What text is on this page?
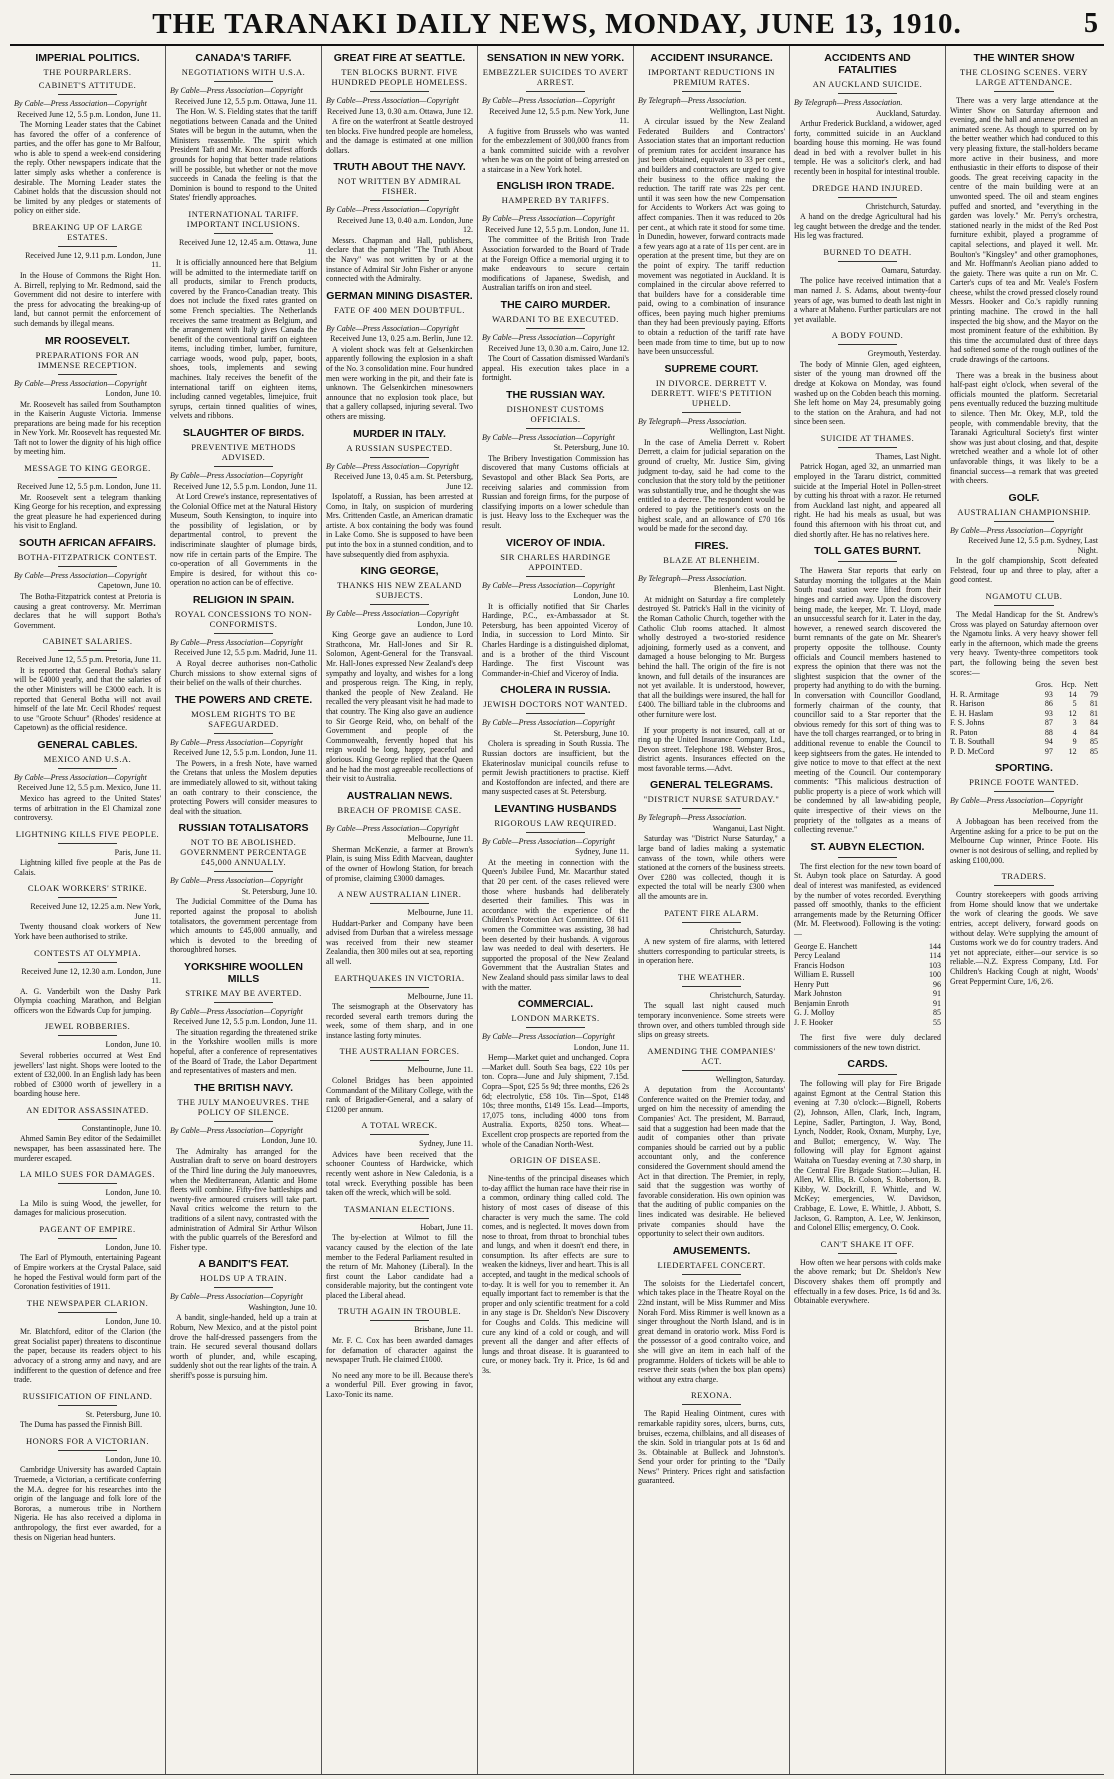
THE TARANAKI DAILY NEWS, MONDAY, JUNE 13, 1910.	5
IMPERIAL POLITICS.
THE POURPARLERS.
CABINET'S ATTITUDE.
By Cable—Press Association—Copyright
Received June 12, 5.5 p.m. London, June 11.
The Morning Leader states that the Cabinet has favored the offer of a conference of parties, and the offer has gone to Mr Balfour, who is able to spend a week-end considering the reply. Other newspapers indicate that the latter simply asks whether a conference is desirable. The Morning Leader states the Cabinet holds that the discussion should not be limited by any pledges or statements of policy on either side.
BREAKING UP OF LARGE ESTATES.
Received June 12, 9.11 p.m. London, June 11.
In the House of Commons the Right Hon. A. Birrell, replying to Mr. Redmond, said the Government did not desire to interfere with the press for advocating the breaking-up of land, but cannot permit the enforcement of such demands by illegal means.
MR ROOSEVELT.
PREPARATIONS FOR AN IMMENSE RECEPTION.
By Cable—Press Association—Copyright
London, June 10.
Mr. Roosevelt has sailed from Southampton in the Kaiserin Auguste Victoria. Immense preparations are being made for his reception in New York. Mr. Roosevelt has requested Mr. Taft not to lower the dignity of his high office by meeting him.
MESSAGE TO KING GEORGE.
Received June 12, 5.5 p.m. London, June 11.
Mr. Roosevelt sent a telegram thanking King George for his reception, and expressing the great pleasure he had experienced during his visit to England.
SOUTH AFRICAN AFFAIRS.
BOTHA-FITZPATRICK CONTEST.
By Cable—Press Association—Copyright
Capetown, June 10.
The Botha-Fitzpatrick contest at Pretoria is causing a great controversy. Mr. Merriman declares that he will support Botha's Government.
CABINET SALARIES.
Received June 12, 5.5 p.m. Pretoria, June 11.
It is reported that General Botha's salary will be £4000 yearly, and that the salaries of the other Ministers will be £3000 each. It is reported that General Botha will not avail himself of the late Mr. Cecil Rhodes' request to use "Groote Schuur" (Rhodes' residence at Capetown) as the official residence.
GENERAL CABLES.
MEXICO AND U.S.A.
By Cable—Press Association—Copyright
Received June 12, 5.5 p.m. Mexico, June 11.
Mexico has agreed to the United States' terms of arbitration in the El Chamizal zone controversy.
LIGHTNING KILLS FIVE PEOPLE.
Paris, June 11.
Lightning killed five people at the Pas de Calais.
CLOAK WORKERS' STRIKE.
Received June 12, 12.25 a.m. New York, June 11.
Twenty thousand cloak workers of New York have been authorised to strike.
CONTESTS AT OLYMPIA.
Received June 12, 12.30 a.m. London, June 11.
A. G. Vanderbilt won the Dashy Park Olympia coaching Marathon, and Belgian officers won the Edwards Cup for jumping.
JEWEL ROBBERIES.
London, June 10.
Several robberies occurred at West End jewellers' last night. Shops were looted to the extent of £32,000. In an English lady has been robbed of £3000 worth of jewellery in a boarding house here.
AN EDITOR ASSASSINATED.
Constantinople, June 10.
Ahmed Samin Bey editor of the Sedaimillet newspaper, has been assassinated here. The murderer escaped.
LA MILO SUES FOR DAMAGES.
London, June 10.
La Milo is suing Wood, the jeweller, for damages for malicious prosecution.
PAGEANT OF EMPIRE.
London, June 10.
The Earl of Plymouth, entertaining Pageant of Empire workers at the Crystal Palace, said he hoped the Festival would form part of the Coronation festivities of 1911.
THE NEWSPAPER CLARION.
London, June 10.
Mr. Blatchford, editor of the Clarion (the great Socialist paper) threatens to discontinue the paper, because its readers object to his advocacy of a strong army and navy, and are indifferent to the question of defence and free trade.
RUSSIFICATION OF FINLAND.
St. Petersburg, June 10.
The Duma has passed the Finnish Bill.
HONORS FOR A VICTORIAN.
London, June 10.
Cambridge University has awarded Captain Truemede, a Victorian, a certificate conferring the M.A. degree for his researches into the origin of the language and folk lore of the Bororas, a numerous tribe in Northern Nigeria. He has also received a diploma in anthropology, the first ever awarded, for a thesis on Nigerian head hunters.
CANADA'S TARIFF.
NEGOTIATIONS WITH U.S.A.
By Cable—Press Association—Copyright
Received June 12, 5.5 p.m. Ottawa, June 11.
The Hon. W. S. Fielding states that the tariff negotiations between Canada and the United States will be begun in the autumn, when the Ministers reassemble. The spirit which President Taft and Mr. Knox manifest affords grounds for hoping that better trade relations will be possible, but whether or not the move succeeds in Canada the feeling is that the Dominion is bound to respond to the United States' friendly approaches.
INTERNATIONAL TARIFF. IMPORTANT INCLUSIONS.
Received June 12, 12.45 a.m. Ottawa, June 11.
It is officially announced here that Belgium will be admitted to the intermediate tariff on all products, similar to French products, covered by the Franco-Canadian treaty. This does not include the fixed rates granted on some French specialties. The Netherlands receives the same treatment as Belgium, and the arrangement with Italy gives Canada the benefit of the conventional tariff on eighteen items, including timber, lumber, furniture, carriage woods, wood pulp, paper, boots, shoes, tools, implements and sewing machines. Italy receives the benefit of the international tariff on eighteen items, including canned vegetables, limejuice, fruit syrups, certain tinned qualities of wines, velvets and ribbons.
SLAUGHTER OF BIRDS.
PREVENTIVE METHODS ADVISED.
By Cable—Press Association—Copyright
Received June 12, 5.5 p.m. London, June 11.
At Lord Crewe's instance, representatives of the Colonial Office met at the Natural History Museum, South Kensington, to inquire into the possibility of legislation, or by departmental control, to prevent the indiscriminate slaughter of plumage birds, now rife in certain parts of the Empire. The co-operation of all Governments in the Empire is desired, for without this co-operation no action can be of effective.
RELIGION IN SPAIN.
ROYAL CONCESSIONS TO NON-CONFORMISTS.
By Cable—Press Association—Copyright
Received June 12, 5.5 p.m. Madrid, June 11.
A Royal decree authorises non-Catholic Church missions to show external signs of their belief on the walls of their churches.
THE POWERS AND CRETE.
MOSLEM RIGHTS TO BE SAFEGUARDED.
By Cable—Press Association—Copyright
Received June 12, 5.5 p.m. London, June 11.
The Powers, in a fresh Note, have warned the Cretans that unless the Moslem deputies are immediately allowed to sit, without taking an oath contrary to their conscience, the protecting Powers will consider measures to deal with the situation.
RUSSIAN TOTALISATORS
NOT TO BE ABOLISHED. GOVERNMENT PERCENTAGE £45,000 ANNUALLY.
By Cable—Press Association—Copyright
St. Petersburg, June 10.
The Judicial Committee of the Duma has reported against the proposal to abolish totalisators, the government percentage from which amounts to £45,000 annually, and which is devoted to the breeding of thoroughbred horses.
YORKSHIRE WOOLLEN MILLS
STRIKE MAY BE AVERTED.
By Cable—Press Association—Copyright
Received June 12, 5.5 p.m. London, June 11.
The situation regarding the threatened strike in the Yorkshire woollen mills is more hopeful, after a conference of representatives of the Board of Trade, the Labor Department and representatives of masters and men.
THE BRITISH NAVY.
THE JULY MANOEUVRES. THE POLICY OF SILENCE.
By Cable—Press Association—Copyright
London, June 10.
The Admiralty has arranged for the Australian draft to serve on board destroyers of the Third line during the July manoeuvres, when the Mediterranean, Atlantic and Home fleets will combine. Fifty-five battleships and twenty-five armoured cruisers will take part. Naval critics welcome the return to the traditions of a silent navy, contrasted with the administration of Admiral Sir Arthur Wilson with the public quarrels of the Beresford and Fisher type.
A BANDIT'S FEAT.
HOLDS UP A TRAIN.
By Cable—Press Association—Copyright
Washington, June 10.
A bandit, single-handed, held up a train at Roburn, New Mexico, and at the pistol point drove the half-dressed passengers from the train. He secured several thousand dollars worth of plunder, and, while escaping, suddenly shot out the rear lights of the train. A sheriff's posse is pursuing him.
GREAT FIRE AT SEATTLE.
TEN BLOCKS BURNT. FIVE HUNDRED PEOPLE HOMELESS.
By Cable—Press Association—Copyright
Received June 13, 0.30 a.m. Ottawa, June 12.
A fire on the waterfront at Seattle destroyed ten blocks. Five hundred people are homeless, and the damage is estimated at one million dollars.
TRUTH ABOUT THE NAVY.
NOT WRITTEN BY ADMIRAL FISHER.
By Cable—Press Association—Copyright
Received June 13, 0.40 a.m. London, June 12.
Messrs. Chapman and Hall, publishers, declare that the pamphlet "The Truth About the Navy" was not written by or at the instance of Admiral Sir John Fisher or anyone connected with the Admiralty.
GERMAN MINING DISASTER.
FATE OF 400 MEN DOUBTFUL.
By Cable—Press Association—Copyright
Received June 13, 0.25 a.m. Berlin, June 12.
A violent shock was felt at Gelsenkirchen apparently following the explosion in a shaft of the No. 3 consolidation mine. Four hundred men were working in the pit, and their fate is unknown. The Gelsenkirchen minesowners announce that no explosion took place, but that a gallery collapsed, injuring several. Two others are missing.
MURDER IN ITALY.
A RUSSIAN SUSPECTED.
By Cable—Press Association—Copyright
Received June 13, 0.45 a.m. St. Petersburg, June 12.
Ispolatoff, a Russian, has been arrested at Como, in Italy, on suspicion of murdering Mrs. Crittenden Castle, an American dramatic artiste. A box containing the body was found in Lake Como. She is supposed to have been put into the box in a stunned condition, and to have subsequently died from asphyxia.
KING GEORGE,
THANKS HIS NEW ZEALAND SUBJECTS.
By Cable—Press Association—Copyright
London, June 10.
King George gave an audience to Lord Strathcona, Mr. Hall-Jones and Sir R. Solomon, Agent-General for the Transvaal. Mr. Hall-Jones expressed New Zealand's deep sympathy and loyalty, and wishes for a long and prosperous reign. The King, in reply, thanked the people of New Zealand. He recalled the very pleasant visit he had made to that country. The King also gave an audience to Sir George Reid, who, on behalf of the Government and people of the Commonwealth, fervently hoped that his reign would be long, happy, peaceful and glorious. King George replied that the Queen and he had the most agreeable recollections of their visit to Australia.
AUSTRALIAN NEWS.
BREACH OF PROMISE CASE.
By Cable—Press Association—Copyright
Melbourne, June 11.
Sherman McKenzie, a farmer at Brown's Plain, is suing Miss Edith Macvean, daughter of the owner of Howlong Station, for breach of promise, claiming £3000 damages.
A NEW AUSTRALIAN LINER.
Melbourne, June 11.
Huddart-Parker and Company have been advised from Durban that a wireless message was received from their new steamer Zealandia, then 300 miles out at sea, reporting all well.
EARTHQUAKES IN VICTORIA.
Melbourne, June 11.
The seismograph at the Observatory has recorded several earth tremors during the week, some of them sharp, and in one instance lasting forty minutes.
THE AUSTRALIAN FORCES.
Melbourne, June 11.
Colonel Bridges has been appointed Commandant of the Military College, with the rank of Brigadier-General, and a salary of £1200 per annum.
A TOTAL WRECK.
Sydney, June 11.
Advices have been received that the schooner Countess of Hardwicke, which recently went ashore in New Caledonia, is a total wreck. Everything possible has been taken off the wreck, which will be sold.
TASMANIAN ELECTIONS.
Hobart, June 11.
The by-election at Wilmot to fill the vacancy caused by the election of the late member to the Federal Parliament resulted in the return of Mr. Mahoney (Liberal). In the first count the Labor candidate had a considerable majority, but the contingent vote placed the Liberal ahead.
TRUTH AGAIN IN TROUBLE.
Brisbane, June 11.
Mr. F. C. Cox has been awarded damages for defamation of character against the newspaper Truth. He claimed £1000.
No need any more to be ill. Because there's a wonderful Pill. Ever growing in favor, Laxo-Tonic its name.
SENSATION IN NEW YORK.
EMBEZZLER SUICIDES TO AVERT ARREST.
By Cable—Press Association—Copyright
Received June 12, 5.5 p.m. New York, June 11.
A fugitive from Brussels who was wanted for the embezzlement of 300,000 francs from a bank committed suicide with a revolver when he was on the point of being arrested on a staircase in a New York hotel.
ENGLISH IRON TRADE.
HAMPERED BY TARIFFS.
By Cable—Press Association—Copyright
Received June 12, 5.5 p.m. London, June 11.
The committee of the British Iron Trade Association forwarded to the Board of Trade at the Foreign Office a memorial urging it to make endeavours to secure certain modifications of Japanese, Swedish, and Australian tariffs on iron and steel.
THE CAIRO MURDER.
WARDANI TO BE EXECUTED.
By Cable—Press Association—Copyright
Received June 13, 0.30 a.m. Cairo, June 12.
The Court of Cassation dismissed Wardani's appeal. His execution takes place in a fortnight.
THE RUSSIAN WAY.
DISHONEST CUSTOMS OFFICIALS.
By Cable—Press Association—Copyright
St. Petersburg, June 10.
The Bribery Investigation Commission has discovered that many Customs officials at Sevastopol and other Black Sea Ports, are receiving salaries and commission from Russian and foreign firms, for the purpose of classifying imports on a lower schedule than is just. Heavy loss to the Exchequer was the result.
VICEROY OF INDIA.
SIR CHARLES HARDINGE APPOINTED.
By Cable—Press Association—Copyright
London, June 10.
It is officially notified that Sir Charles Hardinge, P.C., ex-Ambassador at St. Petersburg, has been appointed Viceroy of India, in succession to Lord Minto. Sir Charles Hardinge is a distinguished diplomat, and is a brother of the third Viscount Hardinge. The first Viscount was Commander-in-Chief and Viceroy of India.
CHOLERA IN RUSSIA.
JEWISH DOCTORS NOT WANTED.
By Cable—Press Association—Copyright
St. Petersburg, June 10.
Cholera is spreading in South Russia. The Russian doctors are insufficient, but the Ekaterinoslav municipal councils refuse to permit Jewish practitioners to practise. Kieff and Kostoffondon are infected, and there are many suspected cases at St. Petersburg.
LEVANTING HUSBANDS
RIGOROUS LAW REQUIRED.
By Cable—Press Association—Copyright
Sydney, June 11.
At the meeting in connection with the Queen's Jubilee Fund, Mr. Macarthur stated that 20 per cent. of the cases relieved were those where husbands had deliberately deserted their families. This was in accordance with the experience of the Children's Protection Act Committee. Of 611 women the Committee was assisting, 38 had been deserted by their husbands. A vigorous law was needed to deal with deserters. He supported the proposal of the New Zealand Government that the Australian States and New Zealand should pass similar laws to deal with the matter.
COMMERCIAL.
LONDON MARKETS.
By Cable—Press Association—Copyright
London, June 11.
Hemp—Market quiet and unchanged. Copra—Market dull. South Sea bags, £22 10s per ton. Copra—June and July shipment, 7.15d. Copra—Spot, £25 5s 9d; three months, £26 2s 6d; electrolytic, £58 10s. Tin—Spot, £148 10s; three months, £149 15s. Lead—Imports, 17,075 tons, including 4000 tons from Australia. Exports, 8250 tons. Wheat—Excellent crop prospects are reported from the whole of the Canadian North-West.
ORIGIN OF DISEASE.
Nine-tenths of the principal diseases which to-day afflict the human race have their rise in a common, ordinary thing called cold. The history of most cases of disease of this character is very much the same. The cold comes, and is neglected. It moves down from nose to throat, from throat to bronchial tubes and lungs, and when it doesn't end there, in consumption. Its after effects are sure to weaken the kidneys, liver and heart. This is all accepted, and taught in the medical schools of to-day. It is well for you to remember it. An equally important fact to remember is that the proper and only scientific treatment for a cold in any stage is Dr. Sheldon's New Discovery for Coughs and Colds. This medicine will cure any kind of a cold or cough, and will prevent all the danger and after effects of lungs and throat disease. It is guaranteed to cure, or money back. Try it. Price, 1s 6d and 3s.
ACCIDENT INSURANCE.
IMPORTANT REDUCTIONS IN PREMIUM RATES.
By Telegraph—Press Association.
Wellington, Last Night.
A circular issued by the New Zealand Federated Builders and Contractors' Association states that an important reduction of premium rates for accident insurance has just been obtained, equivalent to 33 per cent., and builders and contractors are urged to give their business to the office making the reduction. The tariff rate was 22s per cent. until it was seen how the new Compensation for Accidents to Workers Act was going to affect companies. Then it was reduced to 20s per cent., at which rate it stood for some time. In Dunedin, however, forward contracts made a few years ago at a rate of 11s per cent. are in operation at the present time, but they are on the point of expiry. The tariff reduction movement was negotiated in Auckland. It is complained in the circular above referred to that builders have for a considerable time paid, owing to a combination of insurance offices, been paying much higher premiums than they had been previously paying. Efforts to obtain a reduction of the tariff rate have been made from time to time, but up to now have been unsuccessful.
SUPREME COURT.
IN DIVORCE. DERRETT V. DERRETT. WIFE'S PETITION UPHELD.
By Telegraph—Press Association.
Wellington, Last Night.
In the case of Amelia Derrett v. Robert Derrett, a claim for judicial separation on the ground of cruelty, Mr. Justice Sim, giving judgment to-day, said he had come to the conclusion that the story told by the petitioner was substantially true, and he thought she was entitled to a decree. The respondent would be ordered to pay the petitioner's costs on the highest scale, and an allowance of £70 16s would be made for the second day.
FIRES.
BLAZE AT BLENHEIM.
By Telegraph—Press Association.
Blenheim, Last Night.
At midnight on Saturday a fire completely destroyed St. Patrick's Hall in the vicinity of the Roman Catholic Church, together with the Catholic Club rooms attached. It almost wholly destroyed a two-storied residence adjoining, formerly used as a convent, and damaged a house belonging to Mr. Burgess behind the hall. The origin of the fire is not known, and full details of the insurances are not yet available. It is understood, however, that all the buildings were insured, the hall for £400. The billiard table in the clubrooms and other furniture were lost.
If your property is not insured, call at or ring up the United Insurance Company, Ltd., Devon street. Telephone 198. Webster Bros., district agents. Insurances effected on the most favorable terms.—Advt.
GENERAL TELEGRAMS.
"DISTRICT NURSE SATURDAY."
By Telegraph—Press Association.
Wanganui, Last Night.
Saturday was "District Nurse Saturday," a large band of ladies making a systematic canvass of the town, while others were stationed at the corners of the business streets. Over £280 was collected, though it is expected the total will be nearly £300 when all the amounts are in.
PATENT FIRE ALARM.
Christchurch, Saturday.
A new system of fire alarms, with lettered shutters corresponding to particular streets, is in operation here.
THE WEATHER.
Christchurch, Saturday.
The squall last night caused much temporary inconvenience. Some streets were thrown over, and others tumbled through side slips on greasy streets.
AMENDING THE COMPANIES' ACT.
Wellington, Saturday.
A deputation from the Accountants' Conference waited on the Premier today, and urged on him the necessity of amending the Companies' Act. The president, M. Barraud, said that a suggestion had been made that the audit of companies other than private companies should be carried out by a public accountant only, and the conference considered the Government should amend the Act in that direction. The Premier, in reply, said that the suggestion was worthy of favorable consideration. His own opinion was that the auditing of public companies on the lines indicated was desirable. He believed private companies should have the opportunity to select their own auditors.
AMUSEMENTS.
LIEDERTAFEL CONCERT.
The soloists for the Liedertafel concert, which takes place in the Theatre Royal on the 22nd instant, will be Miss Rummer and Miss Norah Ford. Miss Rimmer is well known as a singer throughout the North Island, and is in great demand in oratorio work. Miss Ford is the possessor of a good contralto voice, and she will give an item in each half of the programme. Holders of tickets will be able to reserve their seats (when the box plan opens) without any extra charge.
REXONA.
The Rapid Healing Ointment, cures with remarkable rapidity sores, ulcers, burns, cuts, bruises, eczema, chilblains, and all diseases of the skin. Sold in triangular pots at 1s 6d and 3s. Obtainable at Bulleck and Johnston's. Send your order for printing to the "Daily News" Printery. Prices right and satisfaction guaranteed.
ACCIDENTS AND FATALITIES
AN AUCKLAND SUICIDE.
By Telegraph—Press Association.
Auckland, Saturday.
Arthur Frederick Buckland, a widower, aged forty, committed suicide in an Auckland boarding house this morning. He was found dead in bed with a revolver bullet in his temple. He was a solicitor's clerk, and had recently been in hospital for intestinal trouble.
DREDGE HAND INJURED.
Christchurch, Saturday.
A hand on the dredge Agricultural had his leg caught between the dredge and the tender. His leg was fractured.
BURNED TO DEATH.
Oamaru, Saturday.
The police have received intimation that a man named J. S. Adams, about twenty-four years of age, was burned to death last night in a whare at Maheno. Further particulars are not yet available.
A BODY FOUND.
Greymouth, Yesterday.
The body of Minnie Glen, aged eighteen, sister of the young man drowned off the dredge at Kokowa on Monday, was found washed up on the Cobden beach this morning. She left home on May 24, presumably going to the station on the Arahura, and had not since been seen.
SUICIDE AT THAMES.
Thames, Last Night.
Patrick Hogan, aged 32, an unmarried man employed in the Tararu district, committed suicide at the Imperial Hotel in Pollen-street by cutting his throat with a razor. He returned from Auckland last night, and appeared all right. He had his meals as usual, but was found this afternoon with his throat cut, and died shortly after. He has no relatives here.
TOLL GATES BURNT.
The Hawera Star reports that early on Saturday morning the tollgates at the Main South road station were lifted from their hinges and carried away. Upon the discovery being made, the keeper, Mr. T. Lloyd, made an unsuccessful search for it. Later in the day, however, a renewed search discovered the burnt remnants of the gate on Mr. Shearer's property opposite the tollhouse. County officials and Council members hastened to express the opinion that there was not the slightest suspicion that the owner of the property had anything to do with the burning. In conversation with Councillor Goodland, formerly chairman of the county, that councillor said to a Star reporter that the obvious remedy for this sort of thing was to have the toll charges rearranged, or to bring in additional revenue to enable the Council to keep sightseers from the gates. He intended to give notice to move to that effect at the next meeting of the Council. Our contemporary comments: "This malicious destruction of public property is a piece of work which will be condemned by all law-abiding people, quite irrespective of their views on the propriety of the tollgates as a means of collecting revenue."
ST. AUBYN ELECTION.
The first election for the new town board of St. Aubyn took place on Saturday. A good deal of interest was manifested, as evidenced by the number of votes recorded. Everything passed off smoothly, thanks to the efficient arrangements made by the Returning Officer (Mr. M. Fleetwood). Following is the voting:—
George E. Hanchett	144
Percy Lealand	114
Francis Hodson	103
William E. Russell	100
Henry Putt	96
Mark Johnston	91
Benjamin Enroth	91
G. J. Molloy	85
J. F. Hooker	55
The first five were duly declared commissioners of the new town district.
CARDS.
The following will play for Fire Brigade against Egmont at the Central Station this evening at 7.30 o'clock:—Bignell, Roberts (2), Johnson, Allen, Clark, Inch, Ingram, Lepine, Sadler, Partington, J. Way, Bond, Lynch, Nodder, Rook, Oxnam, Murphy, Lye, and Bullot; emergency, W. Way. The following will play for Egmont against Waitaha on Tuesday evening at 7.30 sharp, in the Central Fire Brigade Station:—Julian, H. Allen, W. Ellis, B. Colson, S. Robertson, B. Kibby, W. Dockrill, F. Whittle, and W. McKey; emergencies, W. Davidson, Crabbage, E. Lowe, E. Whittle, J. Abbott, S. Jackson, G. Rampton, A. Lee, W. Jenkinson, and Colonel Ellis; emergency, O. Cook.
CAN'T SHAKE IT OFF.
How often we hear persons with colds make the above remark; but Dr. Sheldon's New Discovery shakes them off promptly and effectually in a few doses. Price, 1s 6d and 3s. Obtainable everywhere.
THE WINTER SHOW
THE CLOSING SCENES. VERY LARGE ATTENDANCE.
There was a very large attendance at the Winter Show on Saturday afternoon and evening, and the hall and annexe presented an animated scene. As though to spurred on by the better weather which had conduced to this very pleasing fixture, the stall-holders became more active in their business, and more enthusiastic in their efforts to dispose of their goods. The great receiving capacity in the centre of the main building were at an unwonted speed. The oil and steam engines puffed and snorted, and "everything in the garden was lovely." Mr. Perry's orchestra, stationed nearly in the midst of the Red Post furniture exhibit, played a programme of capital selections, and played it well. Mr. Boulton's "Kingsley" and other gramophones, and Mr. Hoffmann's Aeolian piano added to the gaiety. There was quite a run on Mr. C. Carter's cups of tea and Mr. Veale's Fosfern cheese, whilst the crowd pressed closely round Messrs. Hooker and Co.'s rapidly running printing machine. The crowd in the hall inspected the big show, and the Mayor on the most prominent feature of the exhibition. By this time the accumulated dust of three days had softened some of the rough outlines of the crude drawings of the cartoons.
There was a break in the business about half-past eight o'clock, when several of the officials mounted the platform. Secretarial pens eventually reduced the buzzing multitude to silence. Then Mr. Okey, M.P., told the people, with commendable brevity, that the Taranaki Agricultural Society's first winter show was just about closing, and that, despite wretched weather and a whole lot of other unfavorable things, it was likely to be a financial success—a remark that was greeted with cheers.
GOLF.
AUSTRALIAN CHAMPIONSHIP.
By Cable—Press Association—Copyright
Received June 12, 5.5 p.m. Sydney, Last Night.
In the golf championship, Scott defeated Felstead, four up and three to play, after a good contest.
NGAMOTU CLUB.
The Medal Handicap for the St. Andrew's Cross was played on Saturday afternoon over the Ngamotu links. A very heavy shower fell early in the afternoon, which made the greens very heavy. Twenty-three competitors took part, the following being the seven best scores:—
	Gros.	Hcp.	Nett
H. R. Armitage	93	14	79
R. Harison	86	5	81
E. H. Haslam	93	12	81
F. S. Johns	87	3	84
R. Paton	88	4	84
T. B. Southall	94	9	85
P. D. McCord	97	12	85
SPORTING.
PRINCE FOOTE WANTED.
By Cable—Press Association—Copyright
Melbourne, June 11.
A Jobbagoan has been received from the Argentine asking for a price to be put on the Melbourne Cup winner, Prince Foote. His owner is not desirous of selling, and replied by asking £100,000.
TRADERS.
Country storekeepers with goods arriving from Home should know that we undertake the work of clearing the goods. We save entries, accept delivery, forward goods on without delay. We're supplying the amount of Customs work we do for country traders. And yet not appreciate, either—our service is so reliable.—N.Z. Express Company, Ltd. For Children's Hacking Cough at night, Woods' Great Peppermint Cure, 1/6, 2/6.
